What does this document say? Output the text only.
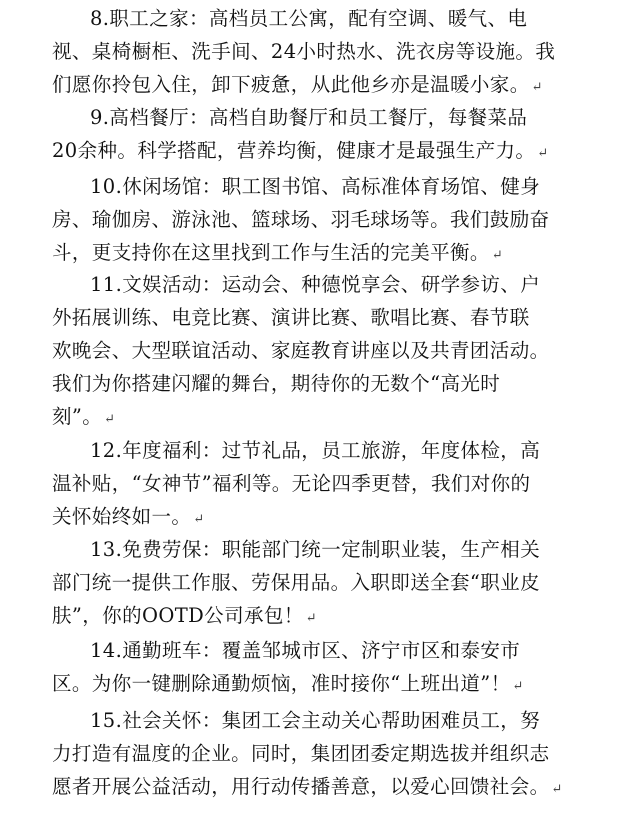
8.职工之家：高档员工公寓，配有空调、暖气、电
视、桌椅橱柜、洗手间、24小时热水、洗衣房等设施。我
们愿你拎包入住，卸下疲惫，从此他乡亦是温暖小家。 ↵

9.高档餐厅：高档自助餐厅和员工餐厅，每餐菜品
20余种。科学搭配，营养均衡，健康才是最强生产力。 ↵

10.休闲场馆：职工图书馆、高标准体育场馆、健身
房、瑜伽房、游泳池、篮球场、羽毛球场等。我们鼓励奋
斗，更支持你在这里找到工作与生活的完美平衡。 ↵

11.文娱活动：运动会、种德悦享会、研学参访、户
外拓展训练、电竞比赛、演讲比赛、歌唱比赛、春节联
欢晚会、大型联谊活动、家庭教育讲座以及共青团活动。
我们为你搭建闪耀的舞台，期待你的无数个“高光时
刻”。 ↵

12.年度福利：过节礼品，员工旅游，年度体检，高
温补贴，“女神节”福利等。无论四季更替，我们对你的
关怀始终如一。 ↵

13.免费劳保：职能部门统一定制职业装，生产相关
部门统一提供工作服、劳保用品。入职即送全套“职业皮
肤”，你的OOTD公司承包！ ↵

14.通勤班车：覆盖邹城市区、济宁市区和泰安市
区。为你一键删除通勤烦恼，准时接你“上班出道”！ ↵

15.社会关怀：集团工会主动关心帮助困难员工，努
力打造有温度的企业。同时，集团团委定期选拔并组织志
愿者开展公益活动，用行动传播善意，以爱心回馈社会。 ↵
